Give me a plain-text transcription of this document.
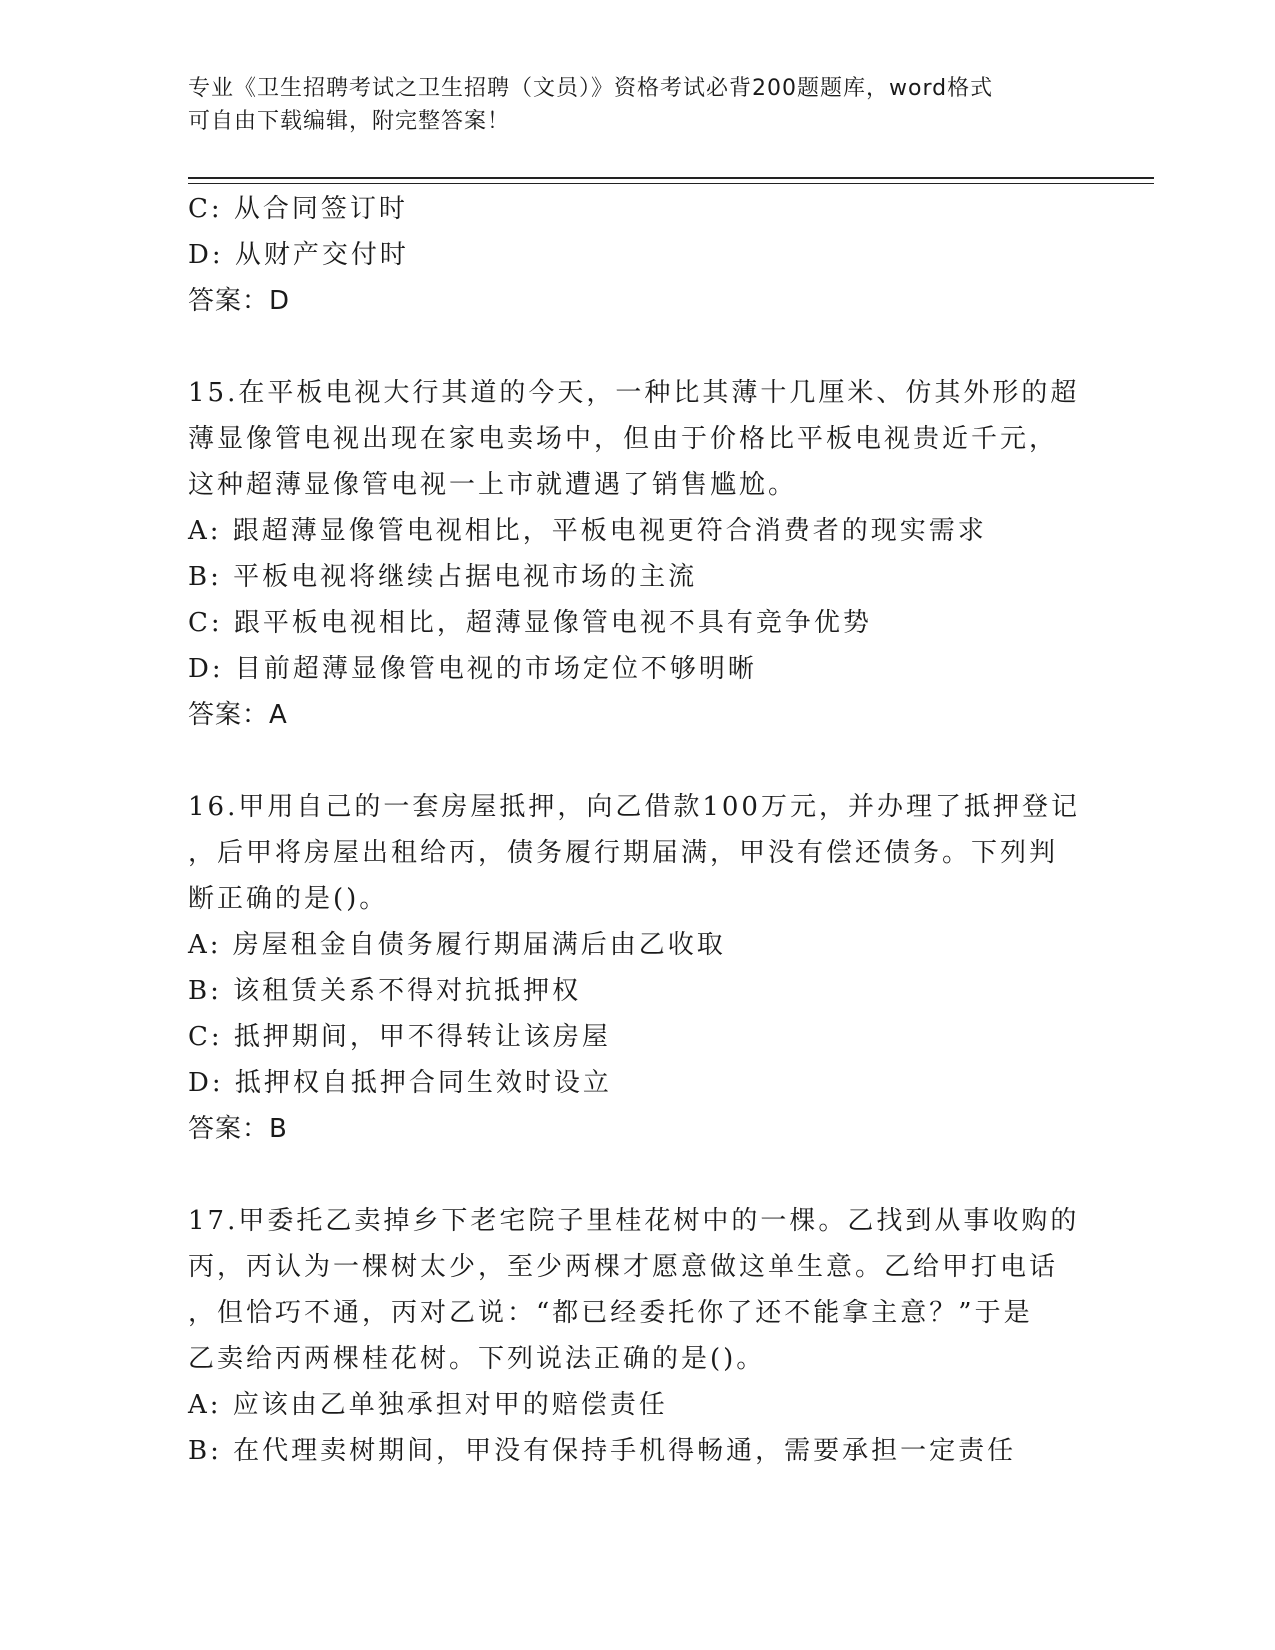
专业《卫生招聘考试之卫生招聘（文员）》资格考试必背200题题库，word格式
可自由下载编辑，附完整答案！
C: 从合同签订时
D: 从财产交付时
答案：D
15.在平板电视大行其道的今天，一种比其薄十几厘米、仿其外形的超
薄显像管电视出现在家电卖场中，但由于价格比平板电视贵近千元，
这种超薄显像管电视一上市就遭遇了销售尴尬。
A: 跟超薄显像管电视相比，平板电视更符合消费者的现实需求
B: 平板电视将继续占据电视市场的主流
C: 跟平板电视相比，超薄显像管电视不具有竞争优势
D: 目前超薄显像管电视的市场定位不够明晰
答案：A
16.甲用自己的一套房屋抵押，向乙借款100万元，并办理了抵押登记
，后甲将房屋出租给丙，债务履行期届满，甲没有偿还债务。下列判
断正确的是()。
A: 房屋租金自债务履行期届满后由乙收取
B: 该租赁关系不得对抗抵押权
C: 抵押期间，甲不得转让该房屋
D: 抵押权自抵押合同生效时设立
答案：B
17.甲委托乙卖掉乡下老宅院子里桂花树中的一棵。乙找到从事收购的
丙，丙认为一棵树太少，至少两棵才愿意做这单生意。乙给甲打电话
，但恰巧不通，丙对乙说：“都已经委托你了还不能拿主意？”于是
乙卖给丙两棵桂花树。下列说法正确的是()。
A: 应该由乙单独承担对甲的赔偿责任
B: 在代理卖树期间，甲没有保持手机得畅通，需要承担一定责任
